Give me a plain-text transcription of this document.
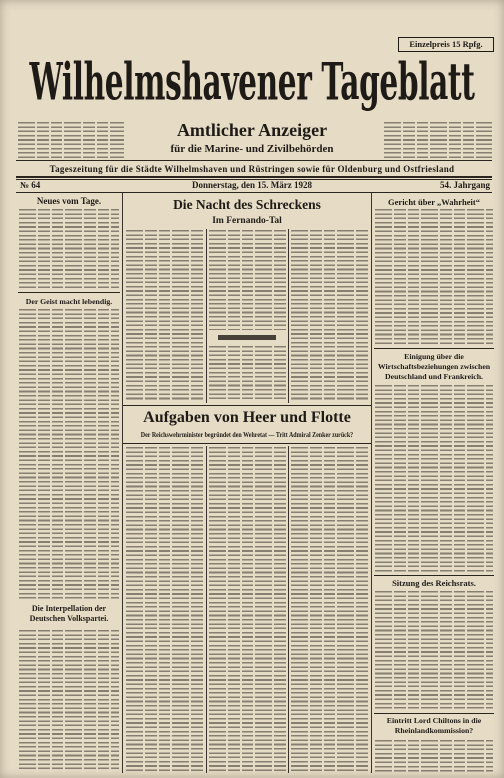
Einzelpreis 15 Rpfg.
Wilhelmshavener Tageblatt
Amtlicher Anzeiger
für die Marine- und Zivilbehörden
Tageszeitung für die Städte Wilhelmshaven und Rüstringen sowie für Oldenburg und Ostfriesland
№ 64	Donnerstag, den 15. März 1928	54. Jahrgang
Neues vom Tage.
Der Geist macht lebendig.
Die Interpellation der Deutschen Volkspartei.
Die Nacht des Schreckens
Im Fernando-Tal
Aufgaben von Heer und Flotte
Der Reichswehrminister begründet den Wehretat — Tritt Admiral Zenker zurück?
Gericht über „Wahrheit“
Einigung über die Wirtschaftsbeziehungen zwischen Deutschland und Frankreich.
Sitzung des Reichsrats.
Eintritt Lord Chiltons in die Rheinlandkommission?
